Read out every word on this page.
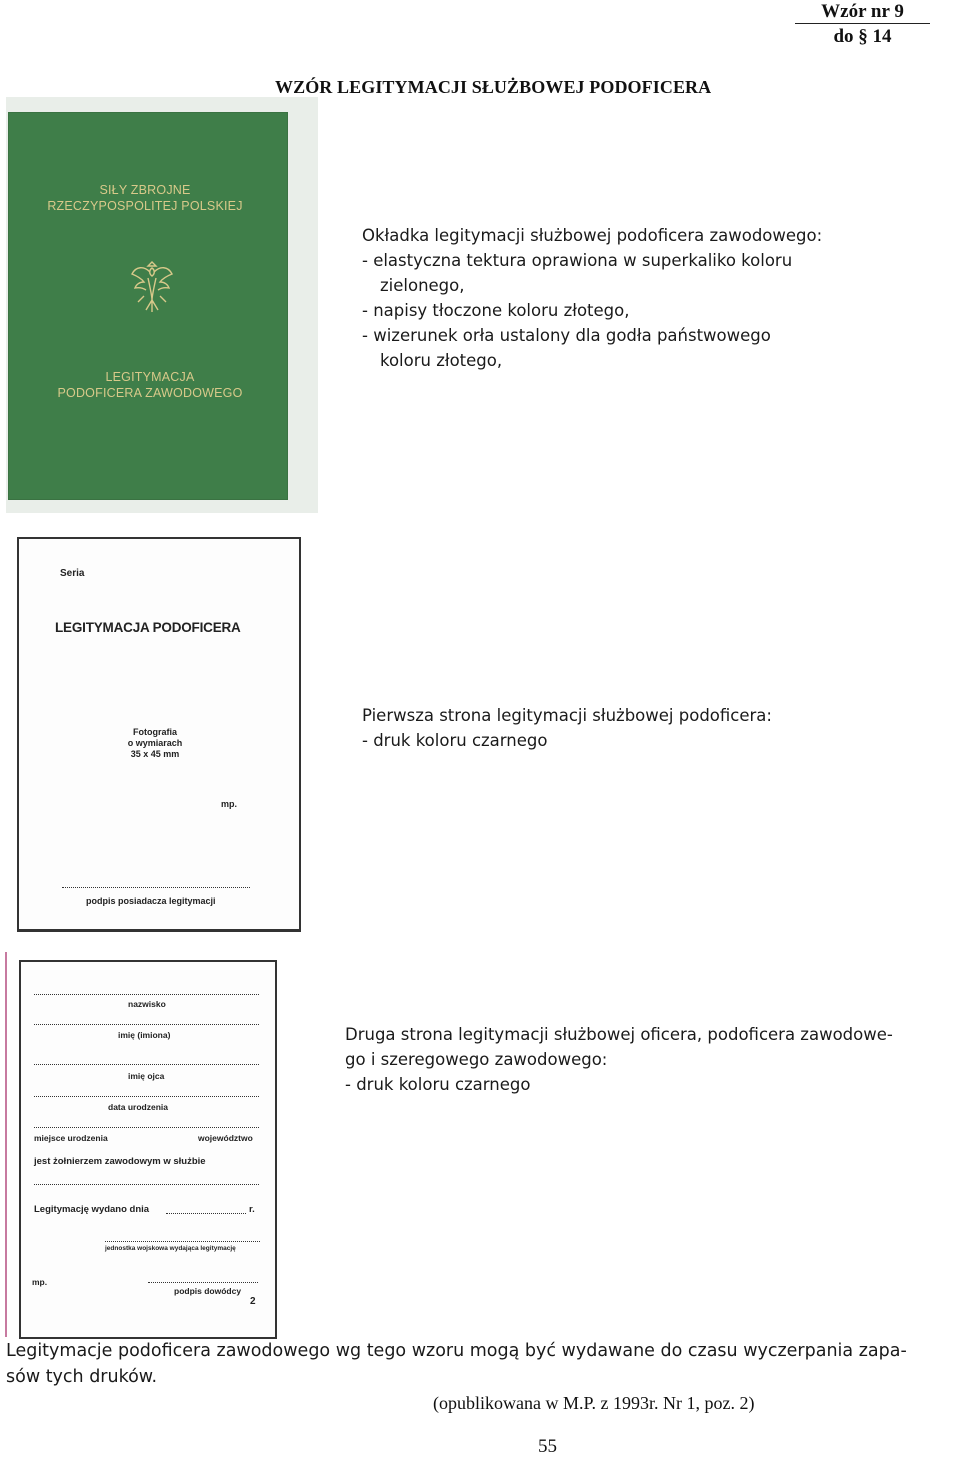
Wzór nr 9
do § 14
WZÓR LEGITYMACJI SŁUŻBOWEJ PODOFICERA
SIŁY ZBROJNE
RZECZYPOSPOLITEJ POLSKIEJ
LEGITYMACJA
PODOFICERA ZAWODOWEGO
Okładka legitymacji służbowej podoficera zawodowego:
- elastyczna tektura oprawiona w superkaliko koloru
zielonego,
- napisy tłoczone koloru złotego,
- wizerunek orła ustalony dla godła państwowego
koloru złotego,
Seria
LEGITYMACJA PODOFICERA
Fotografia
o wymiarach
35 x 45 mm
mp.
podpis posiadacza legitymacji
Pierwsza strona legitymacji służbowej podoficera:
- druk koloru czarnego
nazwisko
imię (imiona)
imię ojca
data urodzenia
miejsce urodzenia	województwo
jest żołnierzem zawodowym w służbie
Legitymację wydano dnia	r.
jednostka wojskowa wydająca legitymację
mp.
podpis dowódcy
2
Druga strona legitymacji służbowej oficera, podoficera zawodowe-
go i szeregowego zawodowego:
- druk koloru czarnego
Legitymacje podoficera zawodowego wg tego wzoru mogą być wydawane do czasu wyczerpania zapa-
sów tych druków.
(opublikowana w M.P. z 1993r. Nr 1, poz. 2)
55
